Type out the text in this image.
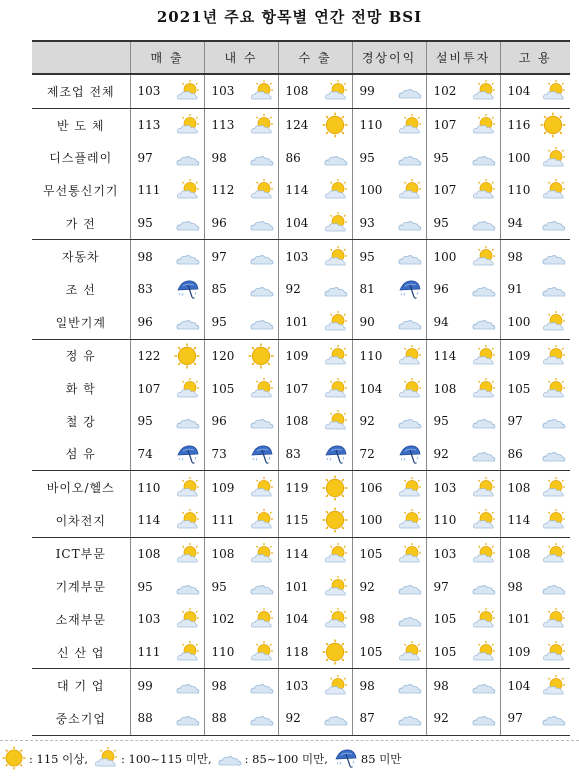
2021년 주요 항목별 연간 전망 BSI
	매 출	내 수	수 출	경상이익	설비투자	고 용
제조업 전체	103	103	108	99	102	104

반 도 체	113	113	124	110	107	116

디스플레이	97	98	86	95	95	100

무선통신기기	111	112	114	100	107	110

가 전	95	96	104	93	95	94

자동차	98	97	103	95	100	98

조 선	83	85	92	81	96	91

일반기계	96	95	101	90	94	100

정 유	122	120	109	110	114	109

화 학	107	105	107	104	108	105

철 강	95	96	108	92	95	97

섬 유	74	73	83	72	92	86

바이오/헬스	110	109	119	106	103	108

이차전지	114	111	115	100	110	114

ICT부문	108	108	114	105	103	108

기계부문	95	95	101	92	97	98

소재부문	103	102	104	98	105	101

신 산 업	111	110	118	105	105	109

대 기 업	99	98	103	98	98	104

중소기업	88	88	92	87	92	97
: 115 이상,	: 100~115 미만,	: 85~100 미만,	85 미만
